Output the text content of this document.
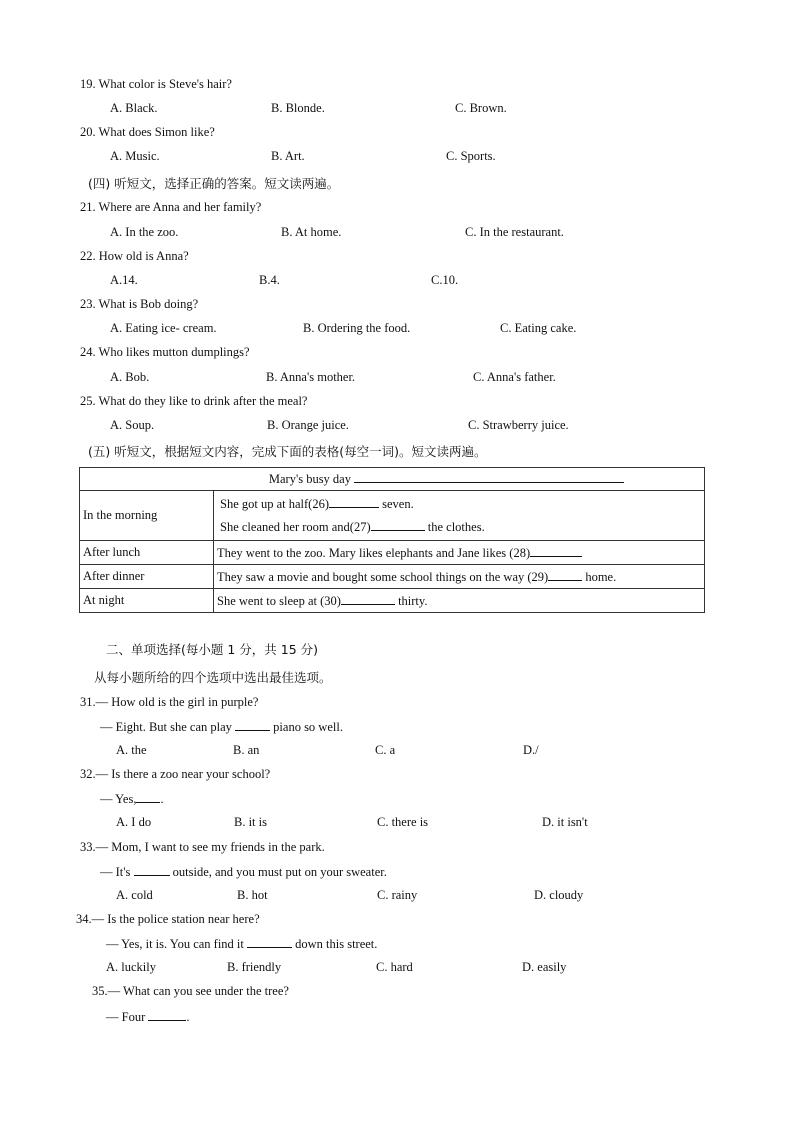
19. What color is Steve's hair?
A. Black.	B. Blonde.	C. Brown.
20. What does Simon like?
A. Music.	B. Art.	C. Sports.
(四) 听短文，选择正确的答案。短文读两遍。
21. Where are Anna and her family?
A. In the zoo.	B. At home.	C. In the restaurant.
22. How old is Anna?
A.14.	B.4.	C.10.
23. What is Bob doing?
A. Eating ice- cream.	B. Ordering the food.	C. Eating cake.
24. Who likes mutton dumplings?
A. Bob.	B. Anna's mother.	C. Anna's father.
25. What do they like to drink after the meal?
A. Soup.	B. Orange juice.	C. Strawberry juice.
(五) 听短文，根据短文内容，完成下面的表格(每空一词)。短文读两遍。
Mary's busy day	
In the morning	She got up at half(26) seven.
She cleaned her room and(27) the clothes.

After lunch	They went to the zoo. Mary likes elephants and Jane likes (28)
After dinner	They saw a movie and bought some school things on the way (29) home.
At night	She went to sleep at (30) thirty.
二、单项选择(每小题 1 分，共 15 分)
从每小题所给的四个选项中选出最佳选项。
31.— How old is the girl in purple?
— Eight. But she can play	piano so well.
A. the	B. an	C. a	D./
32.— Is there a zoo near your school?
— Yes, .
A. I do	B. it is	C. there is	D. it isn't
33.— Mom, I want to see my friends in the park.
— It's	outside, and you must put on your sweater.
A. cold	B. hot	C. rainy	D. cloudy
34.— Is the police station near here?
— Yes, it is. You can find it	down this street.
A. luckily	B. friendly	C. hard	D. easily
35.— What can you see under the tree?
— Four	.
